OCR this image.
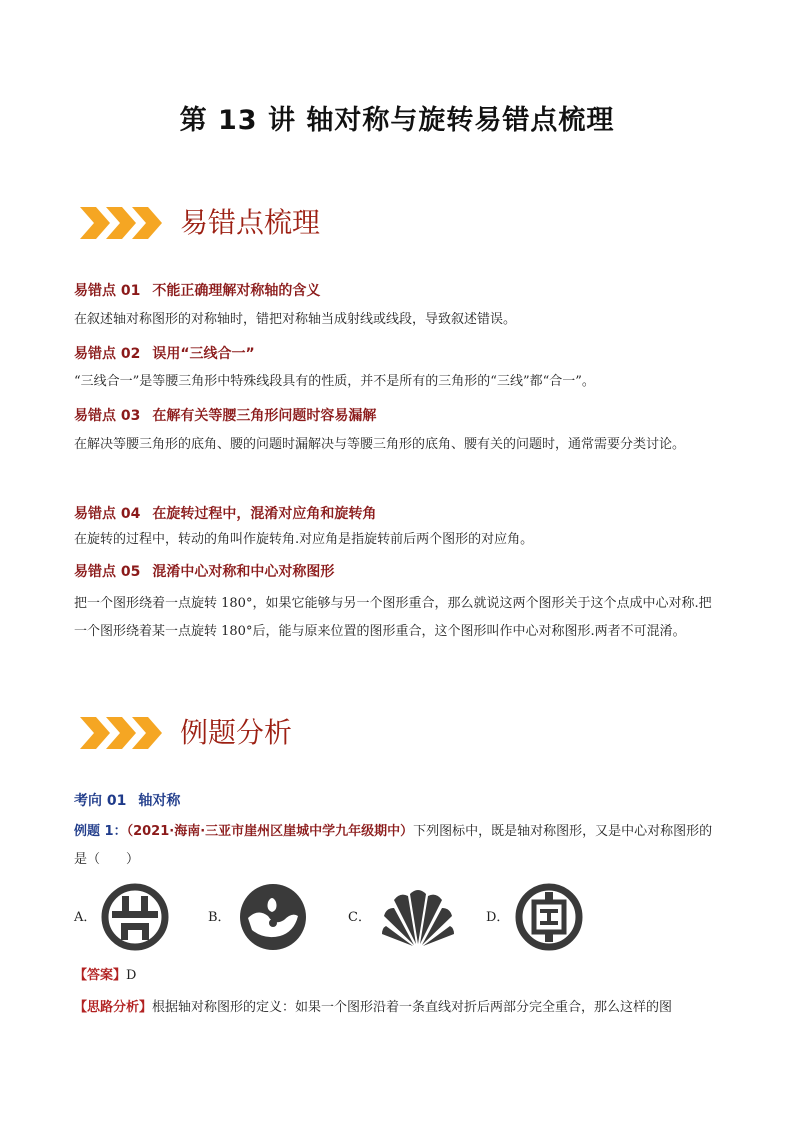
第 13 讲 轴对称与旋转易错点梳理
易错点梳理
易错点 01 不能正确理解对称轴的含义
在叙述轴对称图形的对称轴时，错把对称轴当成射线或线段，导致叙述错误。
易错点 02 误用“三线合一”
“三线合一”是等腰三角形中特殊线段具有的性质，并不是所有的三角形的“三线”都“合一”。
易错点 03 在解有关等腰三角形问题时容易漏解
在解决等腰三角形的底角、腰的问题时漏解决与等腰三角形的底角、腰有关的问题时，通常需要分类讨论。
易错点 04 在旋转过程中，混淆对应角和旋转角
在旋转的过程中，转动的角叫作旋转角.对应角是指旋转前后两个图形的对应角。
易错点 05 混淆中心对称和中心对称图形
把一个图形绕着一点旋转 180°，如果它能够与另一个图形重合，那么就说这两个图形关于这个点成中心对称.把一个图形绕着某一点旋转 180°后，能与原来位置的图形重合，这个图形叫作中心对称图形.两者不可混淆。
例题分析
考向 01 轴对称
例题 1：（2021·海南·三亚市崖州区崖城中学九年级期中）下列图标中，既是轴对称图形，又是中心对称图形的是（　　）
A．	B．	C．	D．
【答案】D
【思路分析】根据轴对称图形的定义：如果一个图形沿着一条直线对折后两部分完全重合，那么这样的图
